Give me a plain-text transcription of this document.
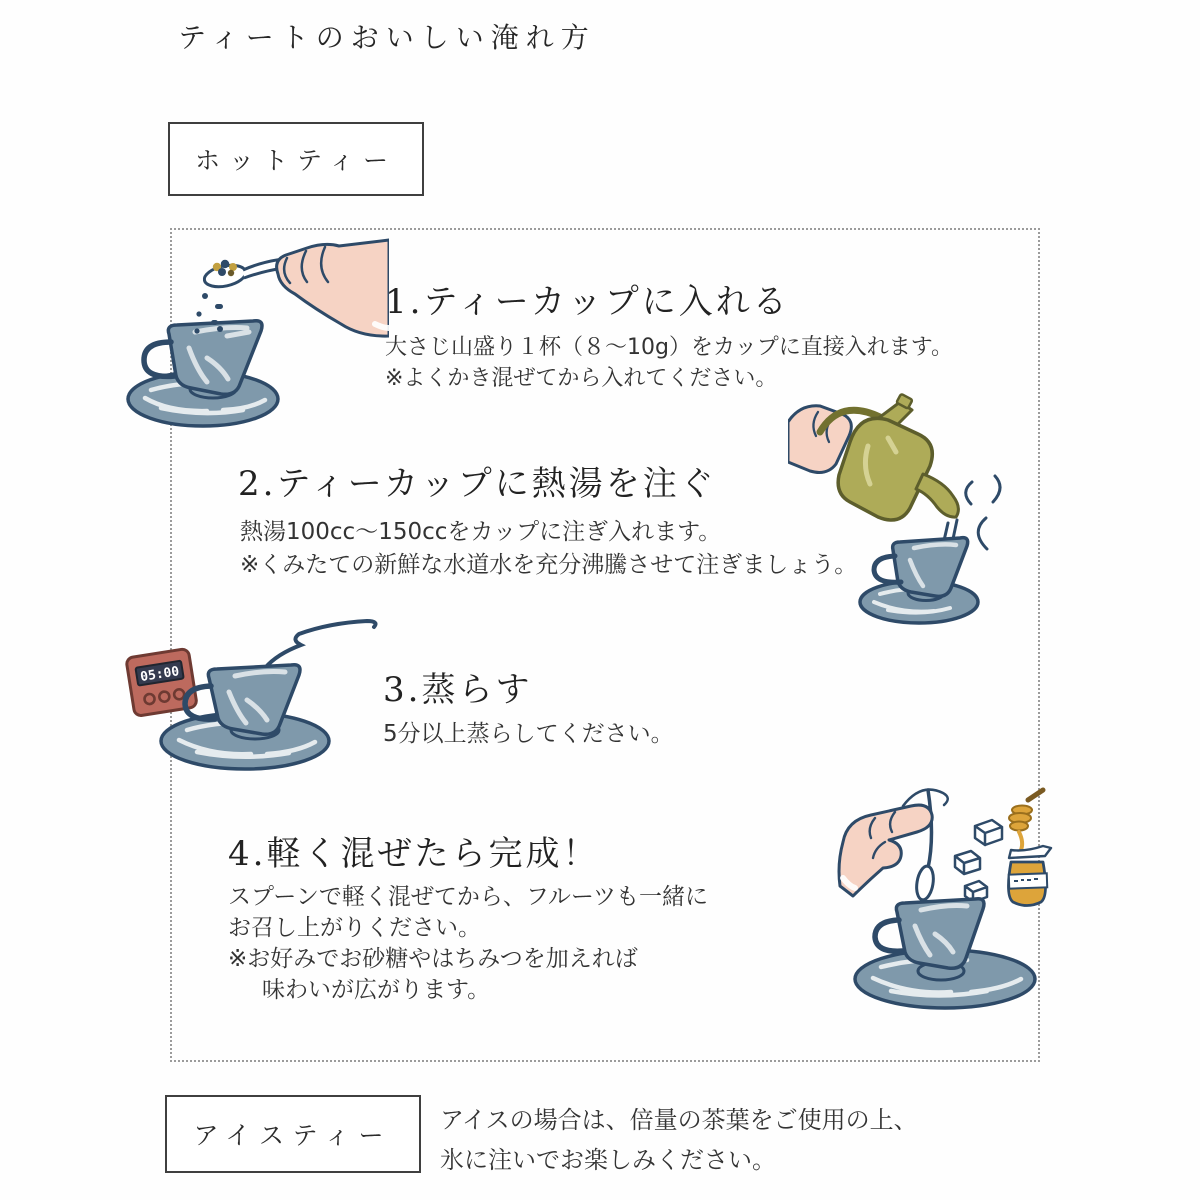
ティートのおいしい淹れ方
ホットティー
1.ティーカップに入れる
大さじ山盛り１杯（８～10g）をカップに直接入れます。
※よくかき混ぜてから入れてください。
2.ティーカップに熱湯を注ぐ
熱湯100cc～150ccをカップに注ぎ入れます。
※くみたての新鮮な水道水を充分沸騰させて注ぎましょう。
05:00	3.蒸らす
5分以上蒸らしてください。
4.軽く混ぜたら完成！
スプーンで軽く混ぜてから、フルーツも一緒に
お召し上がりください。
※お好みでお砂糖やはちみつを加えれば
味わいが広がります。
アイスティー
アイスの場合は、倍量の茶葉をご使用の上、
氷に注いでお楽しみください。
